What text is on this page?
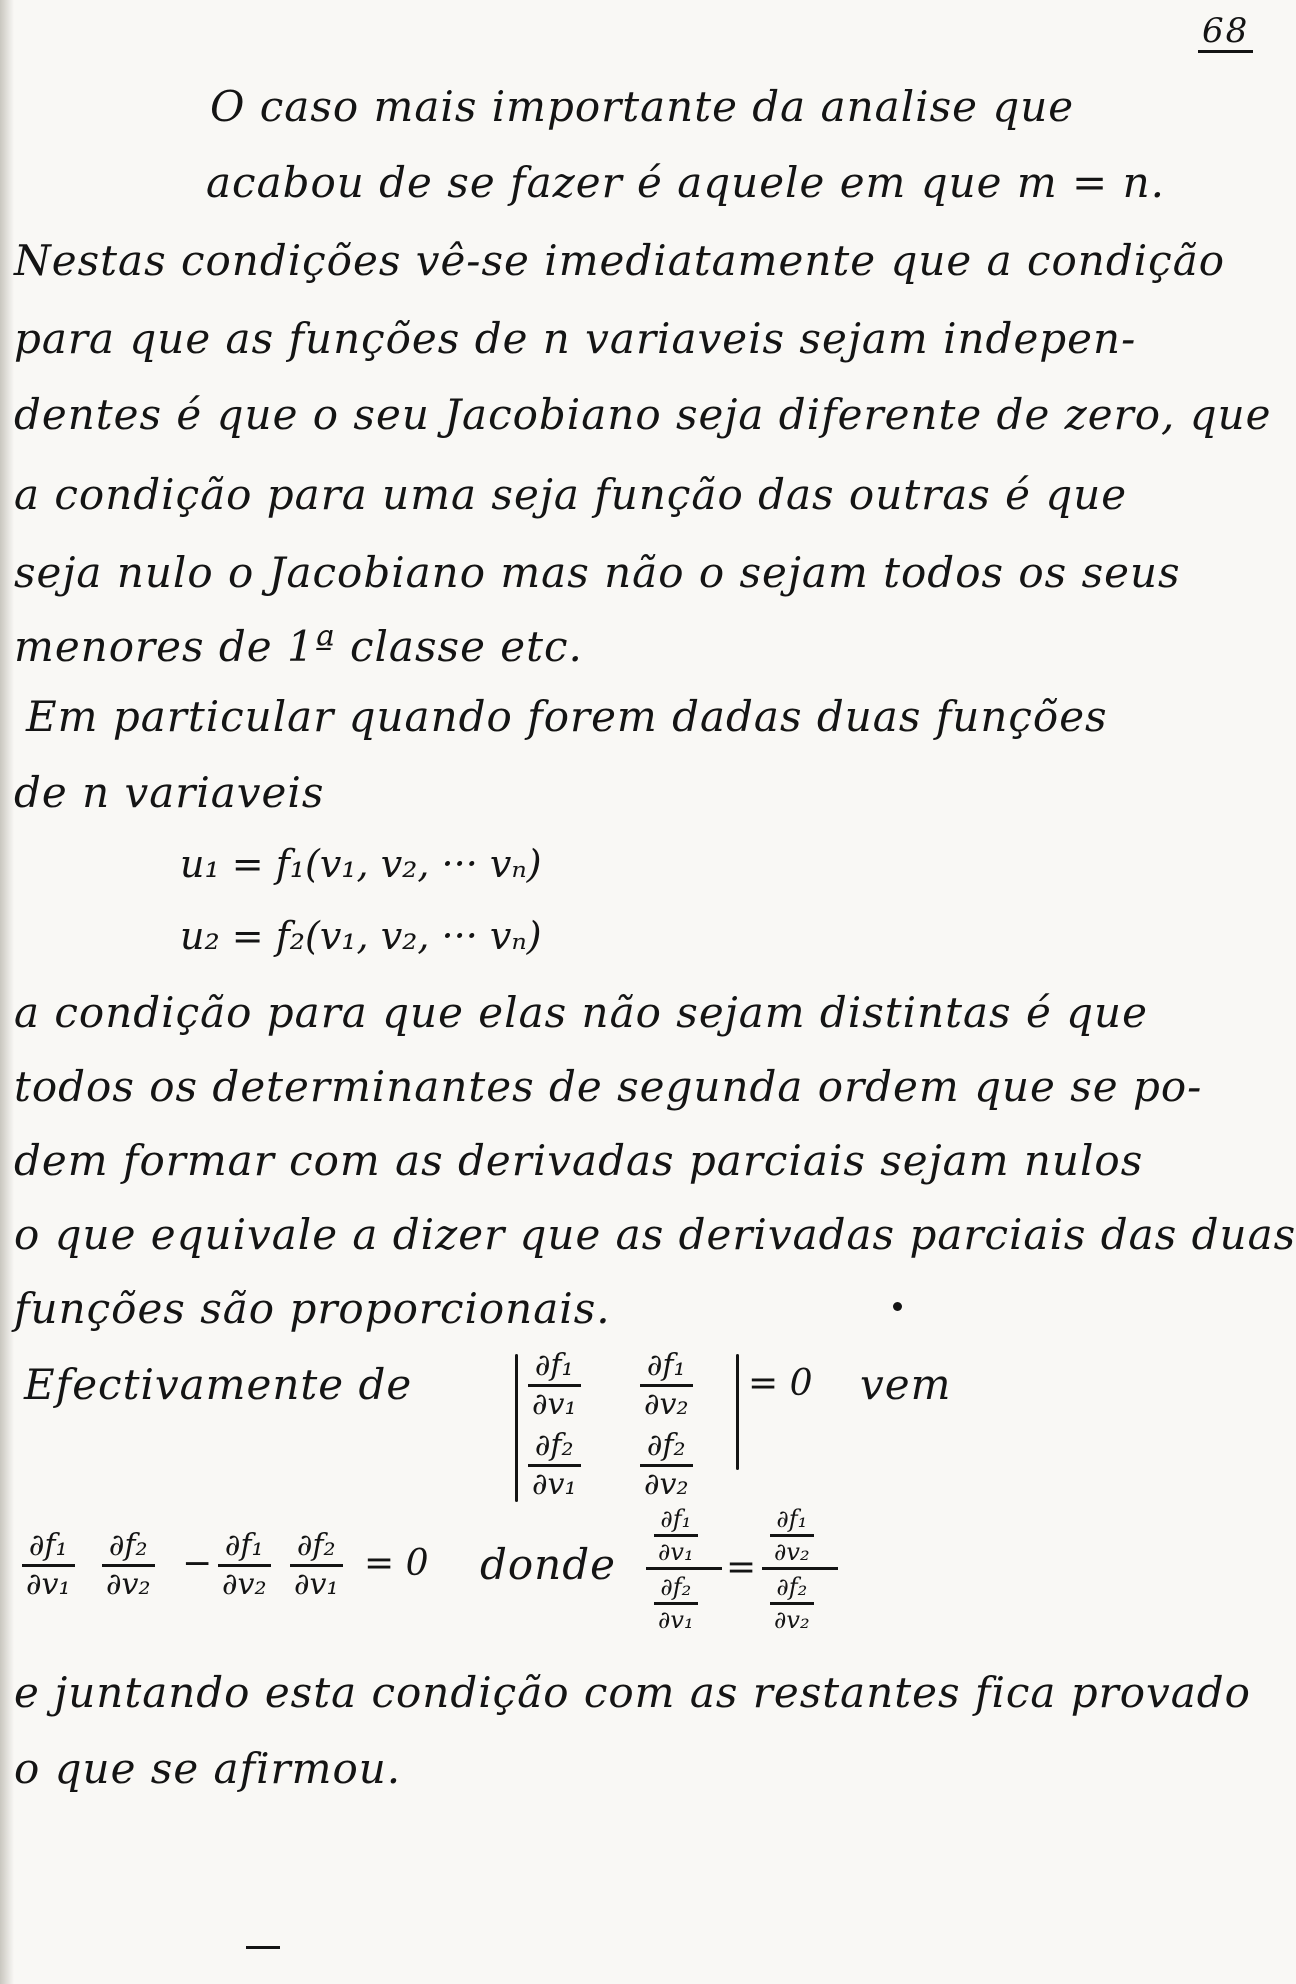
68
O caso mais importante da analise que
acabou de se fazer é aquele em que m = n.
Nestas condições vê-se imediatamente que a condição
para que as funções de n variaveis sejam indepen-
dentes é que o seu Jacobiano seja diferente de zero, que
a condição para uma seja função das outras é que
seja nulo o Jacobiano mas não o sejam todos os seus
menores de 1ª classe etc.
Em particular quando forem dadas duas funções
de n variaveis
u₁ = f₁(v₁, v₂, ··· vₙ)
u₂ = f₂(v₁, v₂, ··· vₙ)
a condição para que elas não sejam distintas é que
todos os determinantes de segunda ordem que se po-
dem formar com as derivadas parciais sejam nulos
o que equivale a dizer que as derivadas parciais das duas
funções são proporcionais.
Efectivamente de	$\frac{\text{∂f₁}}{\text{∂v₁}} \frac{\text{∂f₁}}{\text{∂v₂}}$
$\frac{\text{∂f₂}}{\text{∂v₁}} \frac{\text{∂f₂}}{\text{∂v₂}}$
= 0 vem
$\frac{\text{∂f₁}}{\text{∂v₁}} \frac{\text{∂f₂}}{\text{∂v₂}} - \frac{\text{∂f₁}}{\text{∂v₂}} \frac{\text{∂f₂}}{\text{∂v₁}} = 0$ donde $\frac{\text{∂f₁}}{\text{∂v₁}}$
$\frac{\text{∂f₂}}{\text{∂v₁}}$
=
$\frac{\text{∂f₁}}{\text{∂v₂}}$
$\frac{\text{∂f₂}}{\text{∂v₂}}$
e juntando esta condição com as restantes fica provado
o que se afirmou.
